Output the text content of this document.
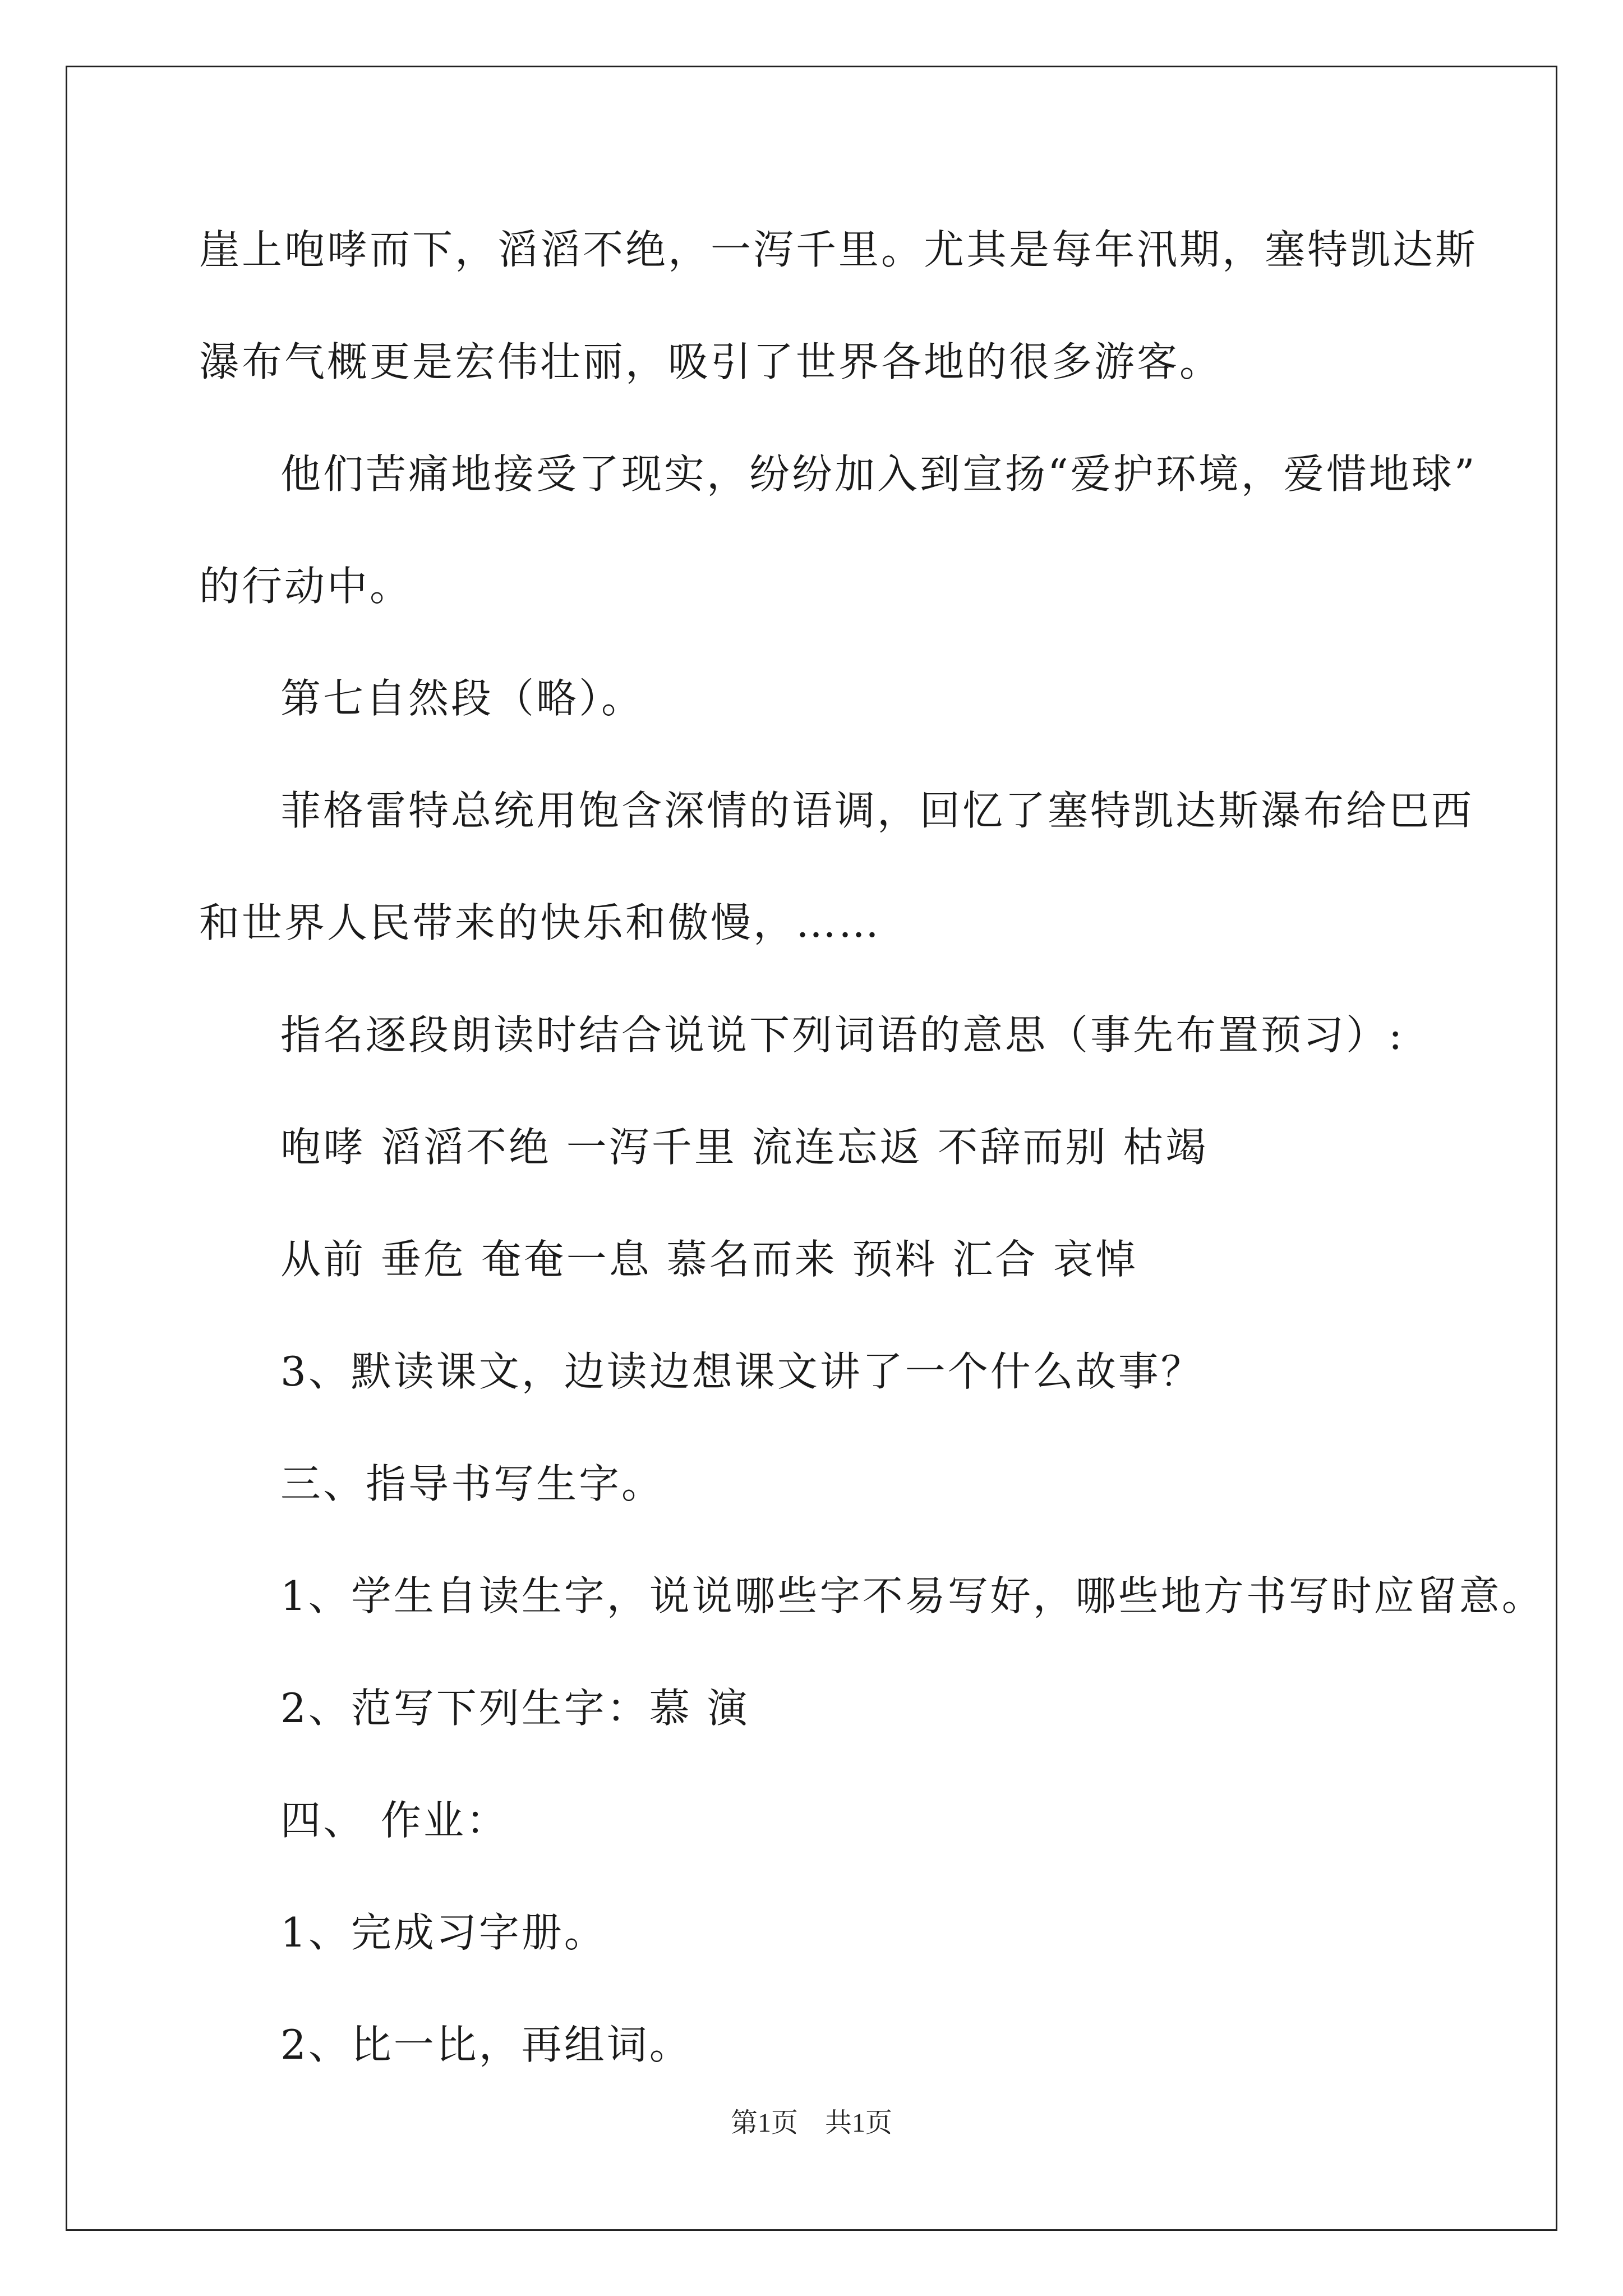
崖上咆哮而下，滔滔不绝，一泻千里。尤其是每年汛期，塞特凯达斯

瀑布气概更是宏伟壮丽，吸引了世界各地的很多游客。

他们苦痛地接受了现实，纷纷加入到宣扬“爱护环境，爱惜地球”

的行动中。

第七自然段（略）。

菲格雷特总统用饱含深情的语调，回忆了塞特凯达斯瀑布给巴西

和世界人民带来的快乐和傲慢，……

指名逐段朗读时结合说说下列词语的意思（事先布置预习）:

咆哮 滔滔不绝 一泻千里 流连忘返 不辞而别 枯竭

从前 垂危 奄奄一息 慕名而来 预料 汇合 哀悼

3、默读课文，边读边想课文讲了一个什么故事？

三、指导书写生字。

1、学生自读生字，说说哪些字不易写好，哪些地方书写时应留意。

2、范写下列生字：慕 演

四、 作业：

1、完成习字册。

2、比一比，再组词。

第1页　共1页
